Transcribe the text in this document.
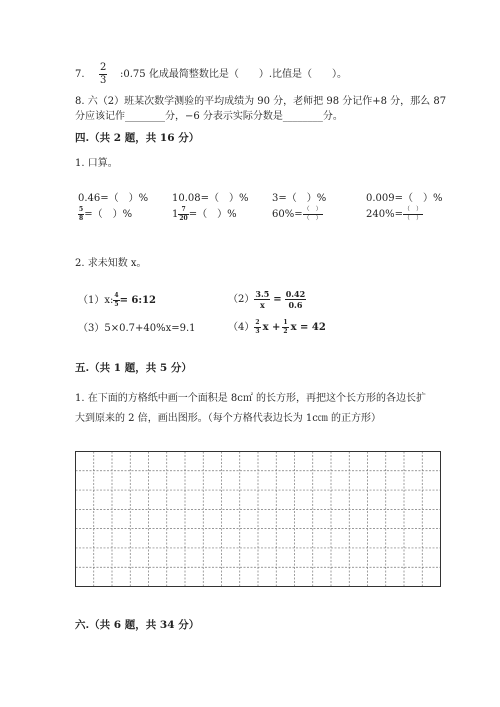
7. $\frac{2}{3}$ :0.75 化成最简整数比是（　　）.比值是（　　）。
8. 六（2）班某次数学测验的平均成绩为 90 分，老师把 98 分记作+8 分，那么 87
分应该记作________分，−6 分表示实际分数是________分。
四.（共 2 题，共 16 分）
1. 口算。
0.46=（　）% 10.08=（　）% 3=（　）%	0.009=（　）%
$\frac{5}{8}$ =（　）%	$1 \frac{7}{20}$ =（　）%	$60\%= \frac{( )}{( )}$	$240\%= \frac{( )}{( )}$
2. 求未知数 x。
（1）x: $\frac{4}{5}$ = 6:12	$(2) \frac{3.5}{x} = \frac{0.42}{0.6}$
（3）5×0.7+40%x=9.1	$(4) \frac{2}{3}$ $x + \frac{1}{2}$ x = 42
五.（共 1 题，共 5 分）
1. 在下面的方格纸中画一个面积是 8c㎡ 的长方形，再把这个长方形的各边长扩
大到原来的 2 倍，画出图形。（每个方格代表边长为 1c㎝ 的正方形）
六.（共 6 题，共 34 分）
